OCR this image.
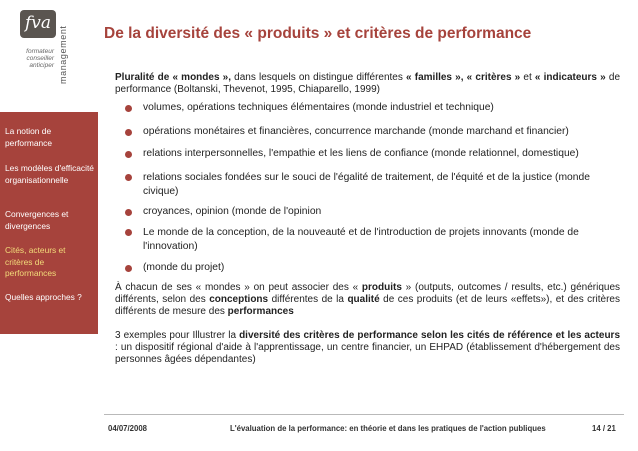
fva
formateur
conseiller
anticiper management
La notion de performance
Les modèles d'efficacité organisationnelle
Convergences et divergences
Cités, acteurs et critères de performances
Quelles approches ?
De la diversité des « produits » et critères de performance

Pluralité de « mondes », dans lesquels on distingue différentes « familles », « critères » et « indicateurs » de performance (Boltanski, Thevenot, 1995, Chiaparello, 1999)

volumes, opérations techniques élémentaires (monde industriel et technique)
opérations monétaires et financières, concurrence marchande (monde marchand et financier)
relations interpersonnelles, l'empathie et les liens de confiance (monde relationnel, domestique)
relations sociales fondées sur le souci de l'égalité de traitement, de l'équité et de la justice (monde civique)
croyances, opinion (monde de l'opinion
Le monde de la conception, de la nouveauté et de l'introduction de projets innovants (monde de l'innovation)
(monde du projet)

À chacun de ses « mondes » on peut associer des « produits » (outputs, outcomes / results, etc.) génériques différents, selon des conceptions différentes de la qualité de ces produits (et de leurs «effets»), et des critères différents de mesure des performances

3 exemples pour Illustrer la diversité des critères de performance selon les cités de référence et les acteurs : un dispositif régional d'aide à l'apprentissage, un centre financier, un EHPAD (établissement d'hébergement des personnes âgées dépendantes)

04/07/2008	L'évaluation de la performance: en théorie et dans les pratiques de l'action publiques	14 / 21
